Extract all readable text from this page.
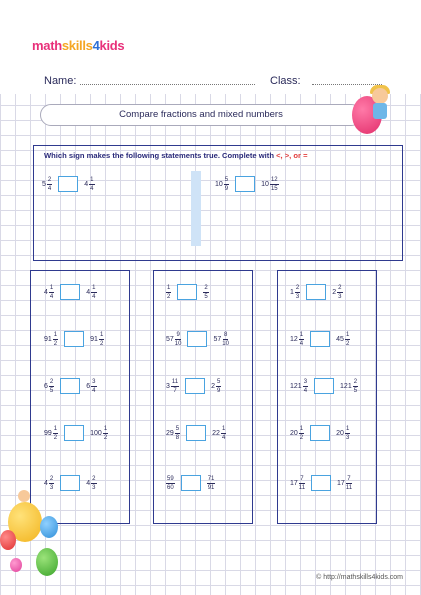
mathskills4kids
Name:	Class:
Compare fractions and mixed numbers
Which sign makes the following statements true. Complete with <, >, or =
$5 \frac{2}{4}$	$4 \frac{1}{4}$	$10 \frac{5}{9}$	$10 \frac{12}{15}$
$4 \frac{1}{4}$	$4 \frac{1}{4}$
$91 \frac{1}{2}$	$91 \frac{1}{2}$
$6 \frac{2}{5}$	$6 \frac{3}{4}$
$99 \frac{1}{2}$	$100 \frac{1}{2}$
$4 \frac{2}{3}$	$4 \frac{2}{3}$
$\frac{1}{2}$	$\frac{2}{5}$
$57 \frac{9}{10}$	$57 \frac{8}{10}$
$3 \frac{11}{7}$	$2 \frac{5}{9}$
$29 \frac{5}{8}$	$22 \frac{1}{4}$
$\frac{59}{60}$	$\frac{71}{91}$
$1 \frac{2}{3}$	$2 \frac{2}{3}$
$12 \frac{1}{4}$	$45 \frac{1}{2}$
$121 \frac{3}{4}$	$121 \frac{2}{5}$
$20 \frac{1}{2}$	$20 \frac{1}{3}$
$17 \frac{7}{11}$	$17 \frac{7}{11}$
© http://mathskills4kids.com
